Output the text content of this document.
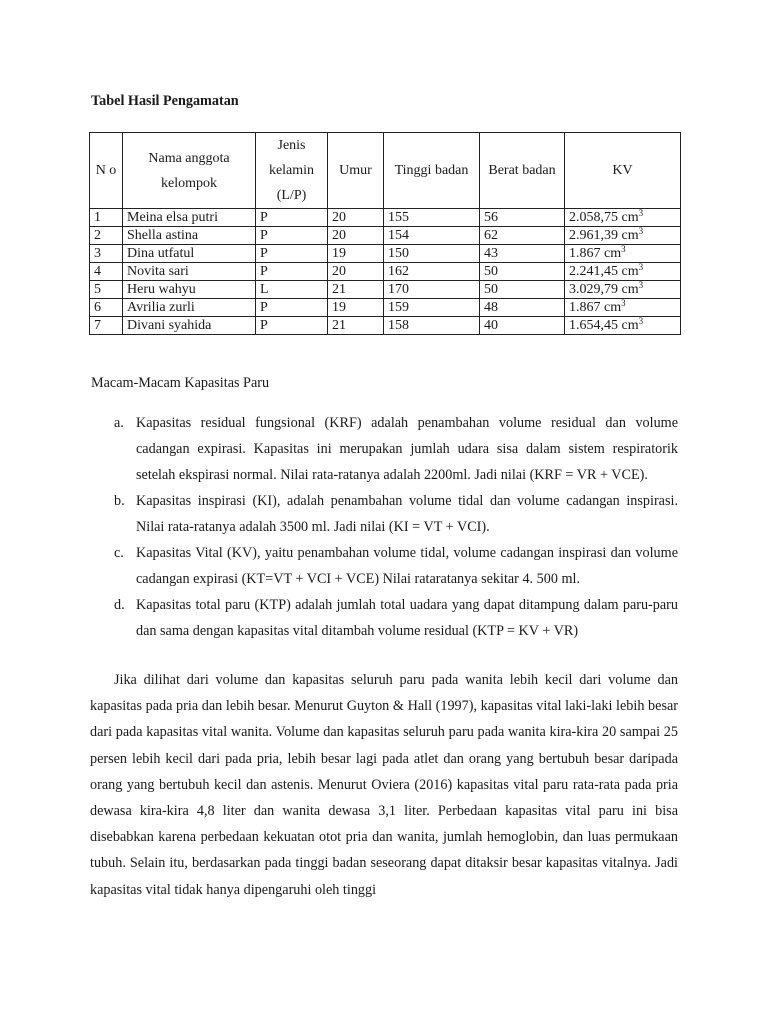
Tabel Hasil Pengamatan
N o	Nama anggota kelompok	Jenis kelamin (L/P)	Umur	Tinggi badan	Berat badan	KV
1	Meina elsa putri	P	20	155	56	2.058,75 $cm^3$
2	Shella astina	P	20	154	62	2.961,39 $cm^3$
3	Dina utfatul	P	19	150	43	1.867 $cm^3$
4	Novita sari	P	20	162	50	2.241,45 $cm^3$
5	Heru wahyu	L	21	170	50	3.029,79 $cm^3$
6	Avrilia zurli	P	19	159	48	1.867 $cm^3$
7	Divani syahida	P	21	158	40	1.654,45 $cm^3$
Macam-Macam Kapasitas Paru
a. Kapasitas residual fungsional (KRF) adalah penambahan volume residual dan volume cadangan expirasi. Kapasitas ini merupakan jumlah udara sisa dalam sistem respiratorik setelah ekspirasi normal. Nilai rata-ratanya adalah 2200ml. Jadi nilai (KRF = VR + VCE).
b. Kapasitas inspirasi (KI), adalah penambahan volume tidal dan volume cadangan inspirasi. Nilai rata-ratanya adalah 3500 ml. Jadi nilai (KI = VT + VCI).
c. Kapasitas Vital (KV), yaitu penambahan volume tidal, volume cadangan inspirasi dan volume cadangan expirasi (KT=VT + VCI + VCE) Nilai rataratanya sekitar 4. 500 ml.
d. Kapasitas total paru (KTP) adalah jumlah total uadara yang dapat ditampung dalam paru-paru dan sama dengan kapasitas vital ditambah volume residual (KTP = KV + VR)

Jika dilihat dari volume dan kapasitas seluruh paru pada wanita lebih kecil dari volume dan kapasitas pada pria dan lebih besar. Menurut Guyton & Hall (1997), kapasitas vital laki-laki lebih besar dari pada kapasitas vital wanita. Volume dan kapasitas seluruh paru pada wanita kira-kira 20 sampai 25 persen lebih kecil dari pada pria, lebih besar lagi pada atlet dan orang yang bertubuh besar daripada orang yang bertubuh kecil dan astenis. Menurut Oviera (2016) kapasitas vital paru rata-rata pada pria dewasa kira-kira 4,8 liter dan wanita dewasa 3,1 liter. Perbedaan kapasitas vital paru ini bisa disebabkan karena perbedaan kekuatan otot pria dan wanita, jumlah hemoglobin, dan luas permukaan tubuh. Selain itu, berdasarkan pada tinggi badan seseorang dapat ditaksir besar kapasitas vitalnya. Jadi kapasitas vital tidak hanya dipengaruhi oleh tinggi
